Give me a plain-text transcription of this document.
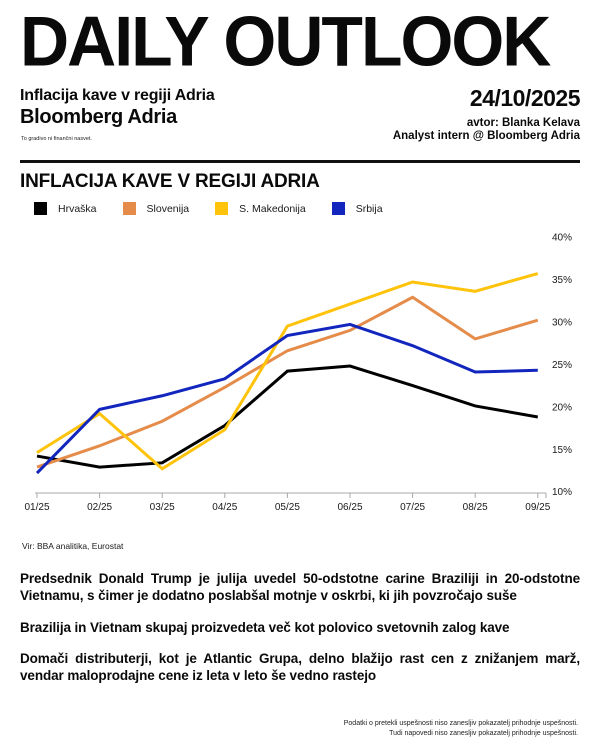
DAILY OUTLOOK
Inflacija kave v regiji Adria
Bloomberg Adria
To gradivo ni finančni nasvet.
24/10/2025
avtor: Blanka Kelava
Analyst intern @ Bloomberg Adria
INFLACIJA KAVE V REGIJI ADRIA
Hrvaška	Slovenija	S. Makedonija	Srbija
01/25	02/25	03/25	04/25	05/25	06/25	07/25	08/25	09/25
10%
15%
20%
25%
30%
35%
40%
Vir: BBA analitika, Eurostat

Predsednik Donald Trump je julija uvedel 50-odstotne carine Braziliji in 20-odstotne Vietnamu, s čimer je dodatno poslabšal motnje v oskrbi, ki jih povzročajo suše

Brazilija in Vietnam skupaj proizvedeta več kot polovico svetovnih zalog kave

Domači distributerji, kot je Atlantic Grupa, delno blažijo rast cen z znižanjem marž, vendar maloprodajne cene iz leta v leto še vedno rastejo

Podatki o pretekli uspešnosti niso zanesljiv pokazatelj prihodnje uspešnosti.
Tudi napovedi niso zanesljiv pokazatelj prihodnje uspešnosti.
